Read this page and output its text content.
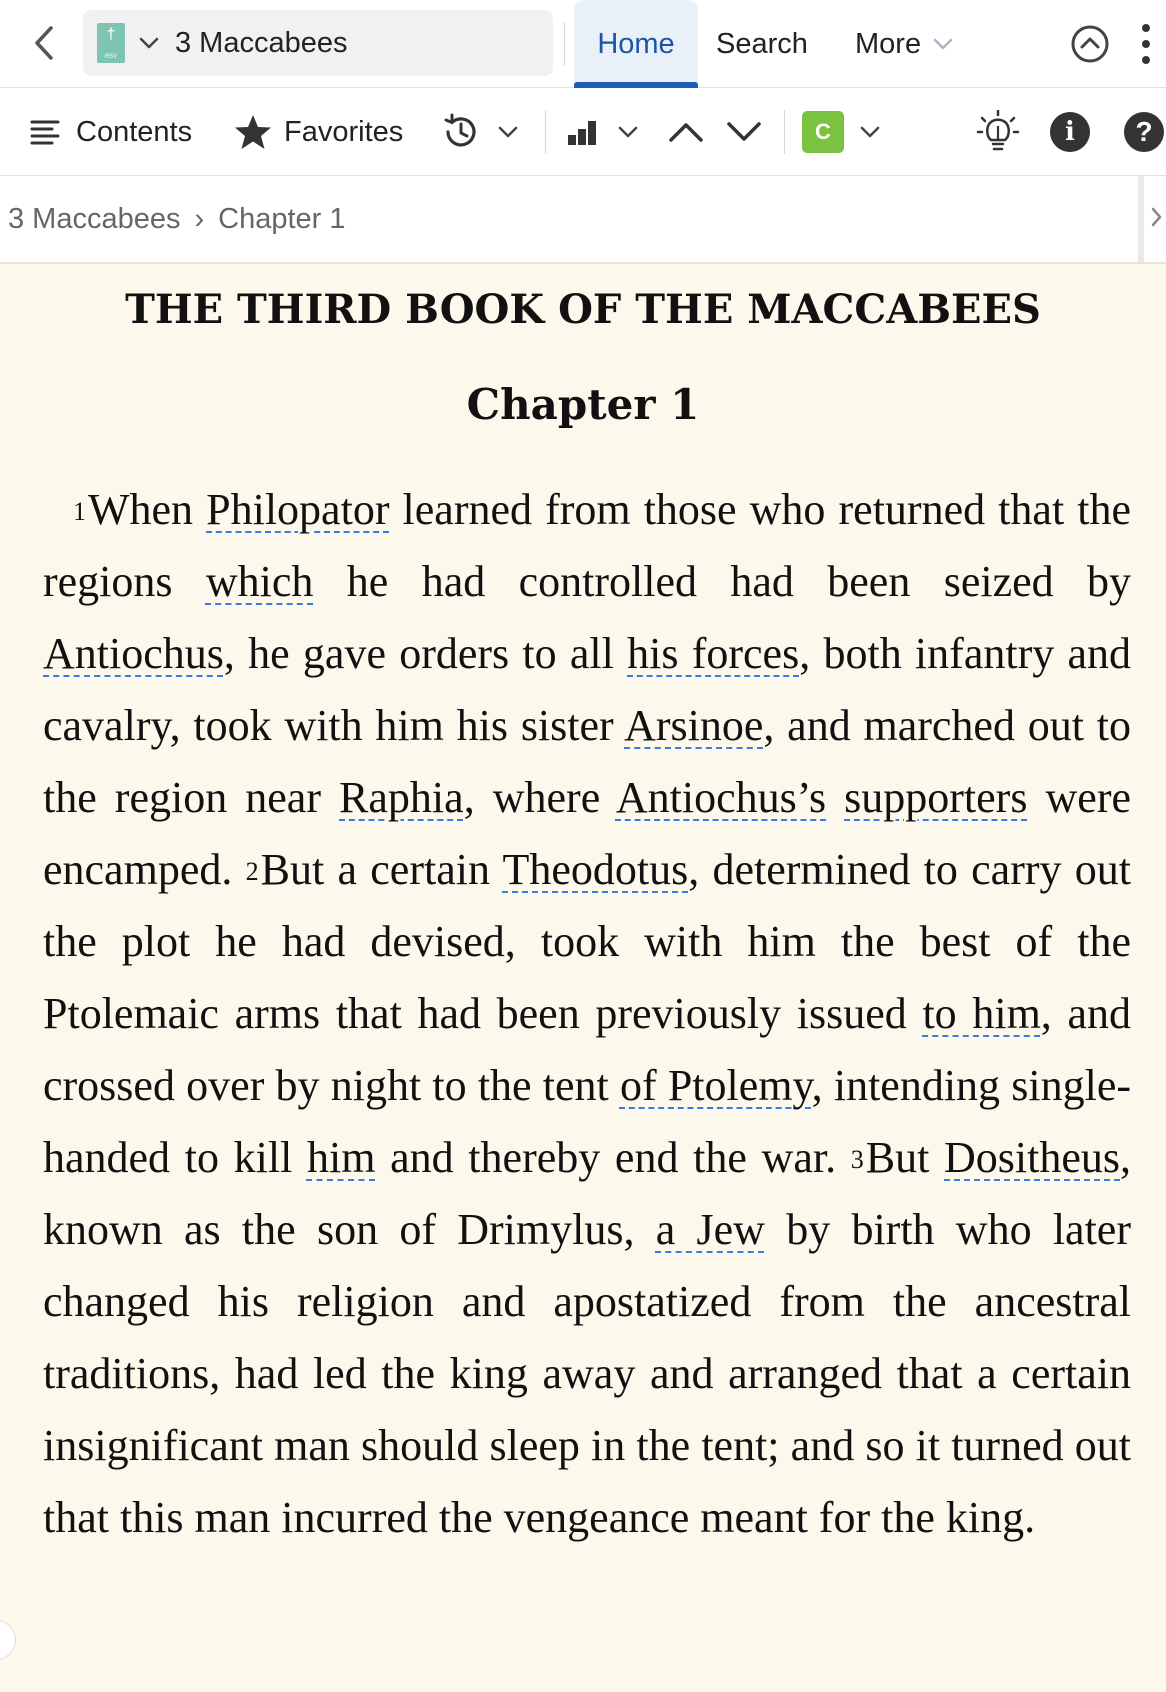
†
RSV 3 Maccabees	Home Search More
Contents	Favorites	C	i	?
3 Maccabees › Chapter 1
THE THIRD BOOK OF THE MACCABEES
Chapter 1

$^1$When Philopator learned from those who returned that the regions which he had controlled had been seized by Antiochus, he gave orders to all his forces, both infantry and cavalry, took with him his sister Arsinoe, and marched out to the region near Raphia, where Antiochus’s supporters were encamped. $^2$But a certain Theodotus, determined to carry out the plot he had devised, took with him the best of the Ptolemaic arms that had been previously issued to him, and crossed over by night to the tent of Ptolemy, intending single-handed to kill him and thereby end the war. $^3$But Dositheus, known as the son of Drimylus, a Jew by birth who later changed his religion and apostatized from the ancestral traditions, had led the king away and arranged that a certain insignificant man should sleep in the tent; and so it turned out that this man incurred the vengeance meant for the king.
